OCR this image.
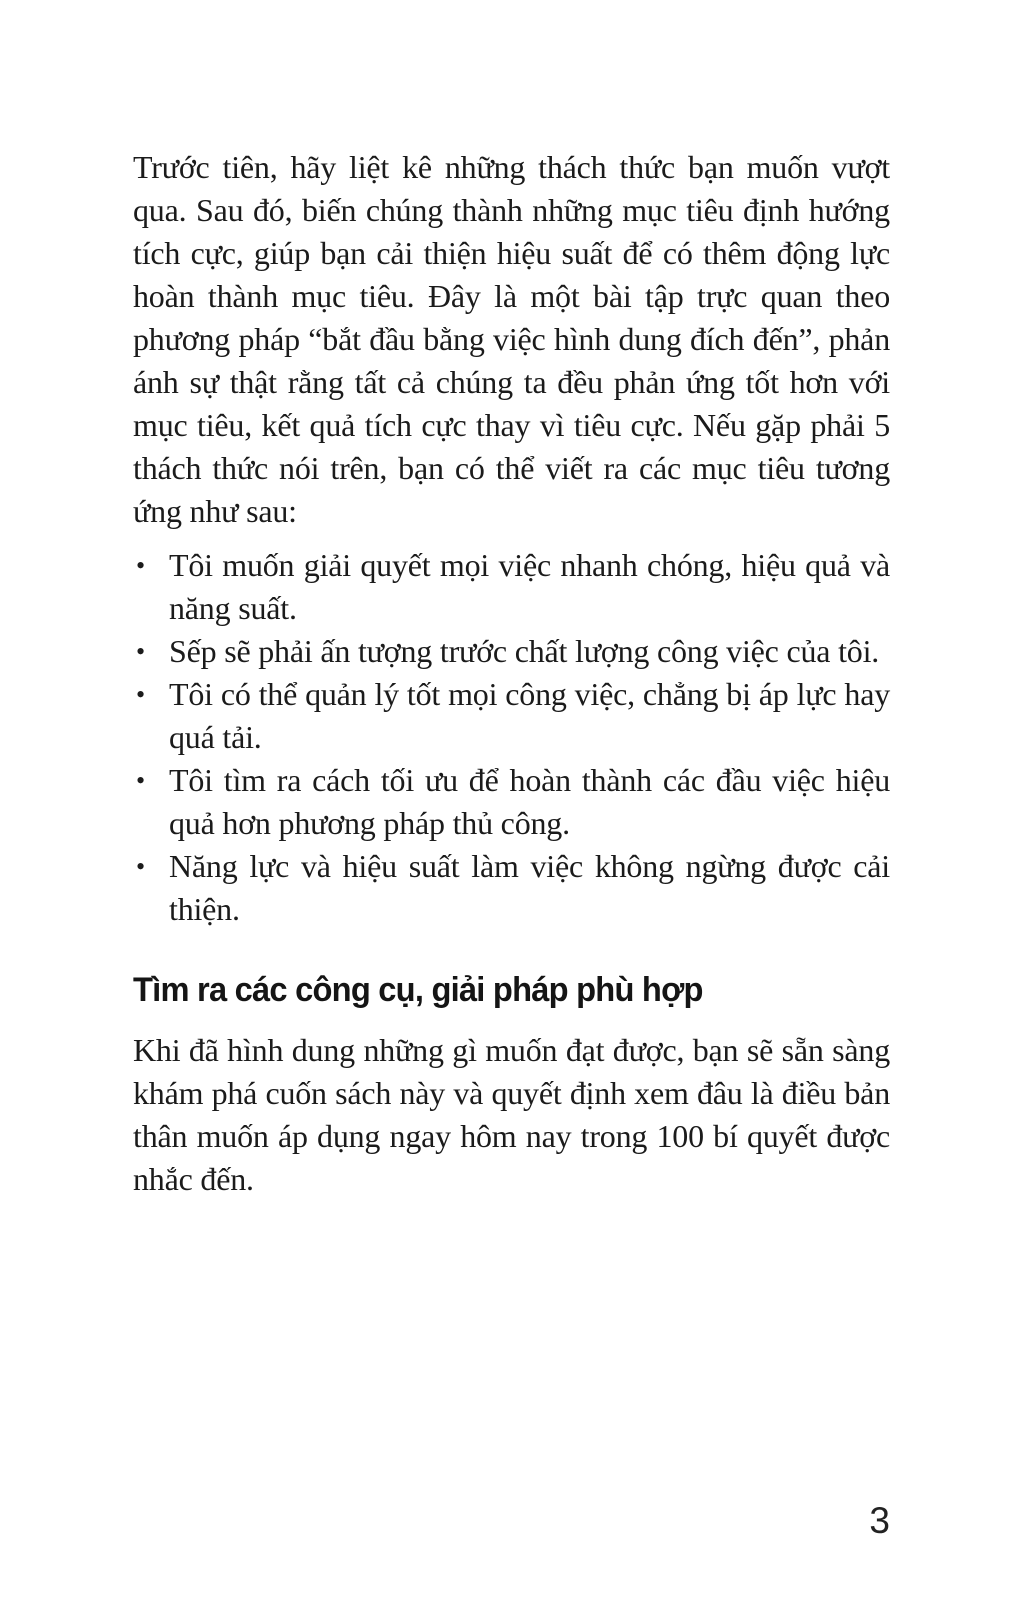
Trước tiên, hãy liệt kê những thách thức bạn muốn vượt qua. Sau đó, biến chúng thành những mục tiêu định hướng tích cực, giúp bạn cải thiện hiệu suất để có thêm động lực hoàn thành mục tiêu. Đây là một bài tập trực quan theo phương pháp “bắt đầu bằng việc hình dung đích đến”, phản ánh sự thật rằng tất cả chúng ta đều phản ứng tốt hơn với mục tiêu, kết quả tích cực thay vì tiêu cực. Nếu gặp phải 5 thách thức nói trên, bạn có thể viết ra các mục tiêu tương ứng như sau:

• Tôi muốn giải quyết mọi việc nhanh chóng, hiệu quả và năng suất.
• Sếp sẽ phải ấn tượng trước chất lượng công việc của tôi.
• Tôi có thể quản lý tốt mọi công việc, chẳng bị áp lực hay quá tải.
• Tôi tìm ra cách tối ưu để hoàn thành các đầu việc hiệu quả hơn phương pháp thủ công.
• Năng lực và hiệu suất làm việc không ngừng được cải thiện.
Tìm ra các công cụ, giải pháp phù hợp

Khi đã hình dung những gì muốn đạt được, bạn sẽ sẵn sàng khám phá cuốn sách này và quyết định xem đâu là điều bản thân muốn áp dụng ngay hôm nay trong 100 bí quyết được nhắc đến.

3
